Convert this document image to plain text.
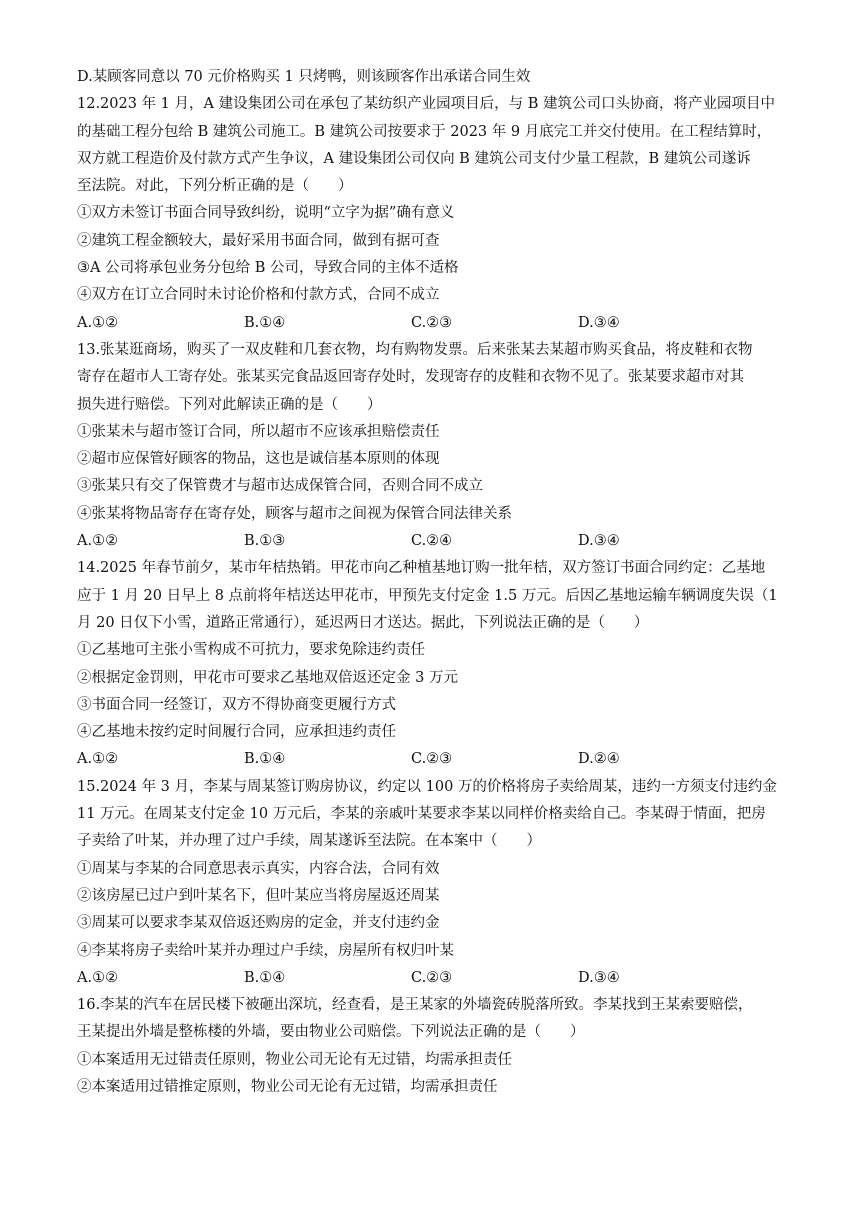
D.某顾客同意以 70 元价格购买 1 只烤鸭，则该顾客作出承诺合同生效
12.2023 年 1 月，A 建设集团公司在承包了某纺织产业园项目后，与 B 建筑公司口头协商，将产业园项目中
的基础工程分包给 B 建筑公司施工。B 建筑公司按要求于 2023 年 9 月底完工并交付使用。在工程结算时，
双方就工程造价及付款方式产生争议，A 建设集团公司仅向 B 建筑公司支付少量工程款，B 建筑公司遂诉
至法院。对此，下列分析正确的是（　　）
①双方未签订书面合同导致纠纷，说明“立字为据”确有意义
②建筑工程金额较大，最好采用书面合同，做到有据可查
③A 公司将承包业务分包给 B 公司，导致合同的主体不适格
④双方在订立合同时未讨论价格和付款方式，合同不成立
A.①②	B.①④	C.②③	D.③④
13.张某逛商场，购买了一双皮鞋和几套衣物，均有购物发票。后来张某去某超市购买食品，将皮鞋和衣物
寄存在超市人工寄存处。张某买完食品返回寄存处时，发现寄存的皮鞋和衣物不见了。张某要求超市对其
损失进行赔偿。下列对此解读正确的是（　　）
①张某未与超市签订合同，所以超市不应该承担赔偿责任
②超市应保管好顾客的物品，这也是诚信基本原则的体现
③张某只有交了保管费才与超市达成保管合同，否则合同不成立
④张某将物品寄存在寄存处，顾客与超市之间视为保管合同法律关系
A.①②	B.①③	C.②④	D.③④
14.2025 年春节前夕，某市年桔热销。甲花市向乙种植基地订购一批年桔，双方签订书面合同约定：乙基地
应于 1 月 20 日早上 8 点前将年桔送达甲花市，甲预先支付定金 1.5 万元。后因乙基地运输车辆调度失误（1
月 20 日仅下小雪，道路正常通行），延迟两日才送达。据此，下列说法正确的是（　　）
①乙基地可主张小雪构成不可抗力，要求免除违约责任
②根据定金罚则，甲花市可要求乙基地双倍返还定金 3 万元
③书面合同一经签订，双方不得协商变更履行方式
④乙基地未按约定时间履行合同，应承担违约责任
A.①②	B.①④	C.②③	D.②④
15.2024 年 3 月，李某与周某签订购房协议，约定以 100 万的价格将房子卖给周某，违约一方须支付违约金
11 万元。在周某支付定金 10 万元后，李某的亲戚叶某要求李某以同样价格卖给自己。李某碍于情面，把房
子卖给了叶某，并办理了过户手续，周某遂诉至法院。在本案中（　　）
①周某与李某的合同意思表示真实，内容合法，合同有效
②该房屋已过户到叶某名下，但叶某应当将房屋返还周某
③周某可以要求李某双倍返还购房的定金，并支付违约金
④李某将房子卖给叶某并办理过户手续，房屋所有权归叶某
A.①②	B.①④	C.②③	D.③④
16.李某的汽车在居民楼下被砸出深坑，经查看，是王某家的外墙瓷砖脱落所致。李某找到王某索要赔偿，
王某提出外墙是整栋楼的外墙，要由物业公司赔偿。下列说法正确的是（　　）
①本案适用无过错责任原则，物业公司无论有无过错，均需承担责任
②本案适用过错推定原则，物业公司无论有无过错，均需承担责任
